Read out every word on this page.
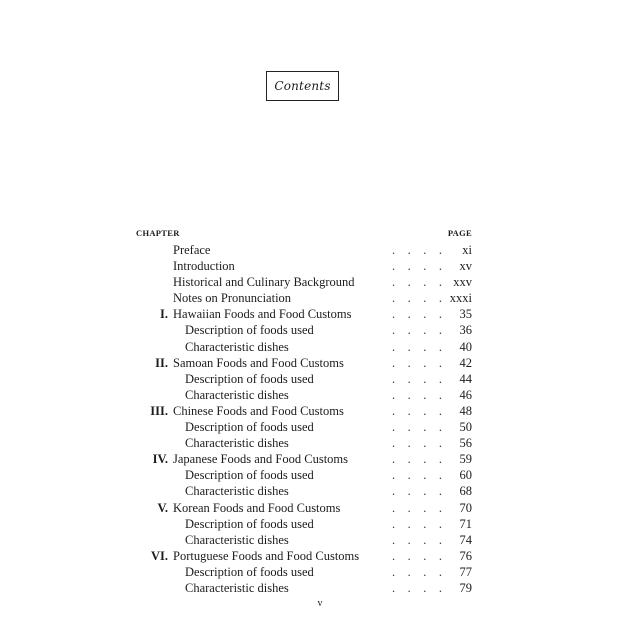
Contents
CHAPTER	PAGE
Preface	.    .    .    . xi
Introduction	.    .    .    . xv
Historical and Culinary Background	.    .    .    . xxv
Notes on Pronunciation	.    .    .    . xxxi
I. Hawaiian Foods and Food Customs	.    .    .    . 35
Description of foods used	.    .    .    . 36
Characteristic dishes	.    .    .    . 40
II. Samoan Foods and Food Customs	.    .    .    . 42
Description of foods used	.    .    .    . 44
Characteristic dishes	.    .    .    . 46
III. Chinese Foods and Food Customs	.    .    .    . 48
Description of foods used	.    .    .    . 50
Characteristic dishes	.    .    .    . 56
IV. Japanese Foods and Food Customs	.    .    .    . 59
Description of foods used	.    .    .    . 60
Characteristic dishes	.    .    .    . 68
V. Korean Foods and Food Customs	.    .    .    . 70
Description of foods used	.    .    .    . 71
Characteristic dishes	.    .    .    . 74
VI. Portuguese Foods and Food Customs	.    .    .    . 76
Description of foods used	.    .    .    . 77
Characteristic dishes	.    .    .    . 79
v
